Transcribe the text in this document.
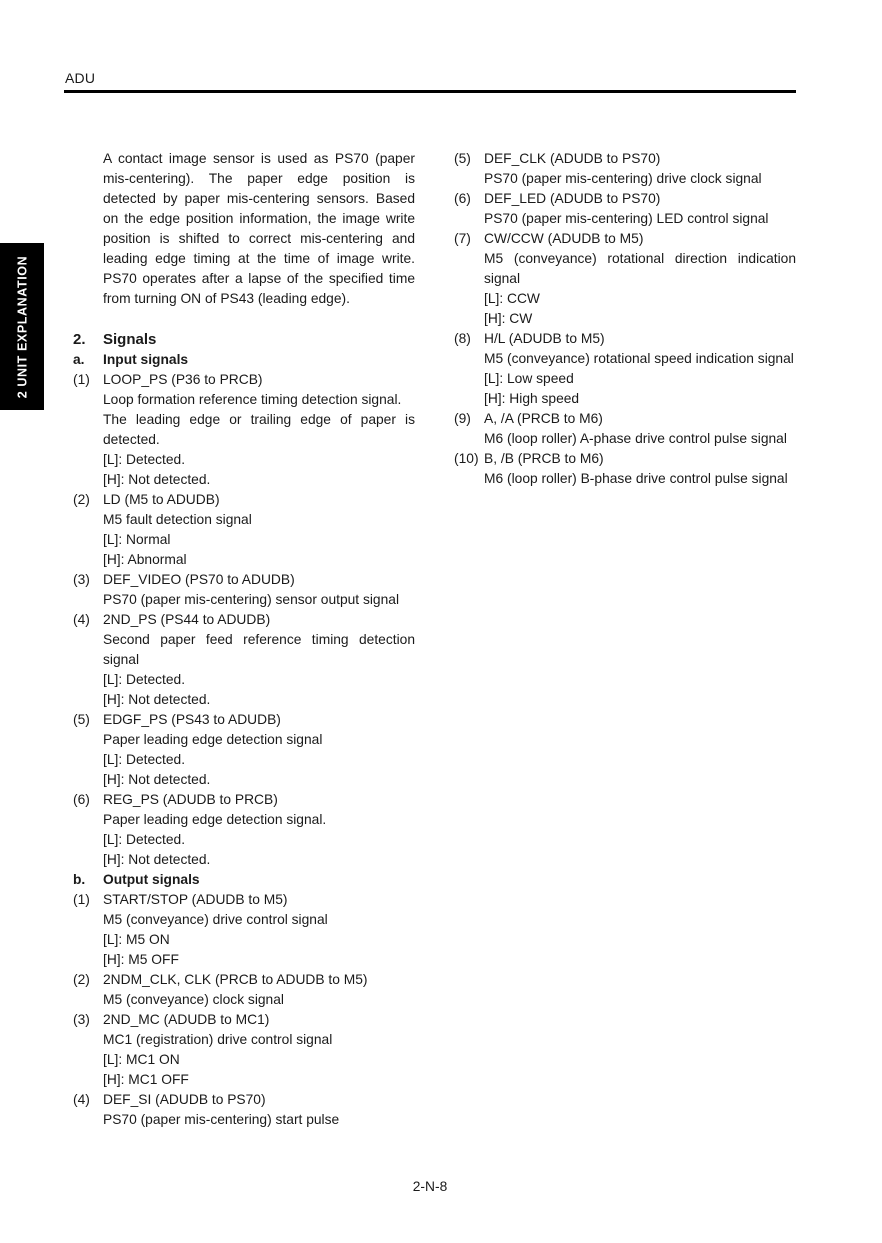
ADU
2 UNIT EXPLANATION
A contact image sensor is used as PS70 (paper mis-centering). The paper edge position is detected by paper mis-centering sensors. Based on the edge position information, the image write position is shifted to correct mis-centering and leading edge timing at the time of image write. PS70 operates after a lapse of the specified time from turning ON of PS43 (leading edge).
2.	Signals
a.	Input signals
(1) LOOP_PS (P36 to PRCB)
Loop formation reference timing detection signal.
The leading edge or trailing edge of paper is detected.
[L]: Detected.
[H]: Not detected.
(2) LD (M5 to ADUDB)
M5 fault detection signal
[L]: Normal
[H]: Abnormal
(3) DEF_VIDEO (PS70 to ADUDB)
PS70 (paper mis-centering) sensor output signal
(4) 2ND_PS (PS44 to ADUDB)
Second paper feed reference timing detection signal
[L]: Detected.
[H]: Not detected.
(5) EDGF_PS (PS43 to ADUDB)
Paper leading edge detection signal
[L]: Detected.
[H]: Not detected.
(6) REG_PS (ADUDB to PRCB)
Paper leading edge detection signal.
[L]: Detected.
[H]: Not detected.
b.	Output signals
(1) START/STOP (ADUDB to M5)
M5 (conveyance) drive control signal
[L]: M5 ON
[H]: M5 OFF
(2) 2NDM_CLK, CLK (PRCB to ADUDB to M5)
M5 (conveyance) clock signal
(3) 2ND_MC (ADUDB to MC1)
MC1 (registration) drive control signal
[L]: MC1 ON
[H]: MC1 OFF
(4) DEF_SI (ADUDB to PS70)
PS70 (paper mis-centering) start pulse
(5) DEF_CLK (ADUDB to PS70)
PS70 (paper mis-centering) drive clock signal
(6) DEF_LED (ADUDB to PS70)
PS70 (paper mis-centering) LED control signal
(7) CW/CCW (ADUDB to M5)
M5 (conveyance) rotational direction indication signal
[L]: CCW
[H]: CW
(8) H/L (ADUDB to M5)
M5 (conveyance) rotational speed indication signal
[L]: Low speed
[H]: High speed
(9) A, /A (PRCB to M6)
M6 (loop roller) A-phase drive control pulse signal
(10) B, /B (PRCB to M6)
M6 (loop roller) B-phase drive control pulse signal
2-N-8
